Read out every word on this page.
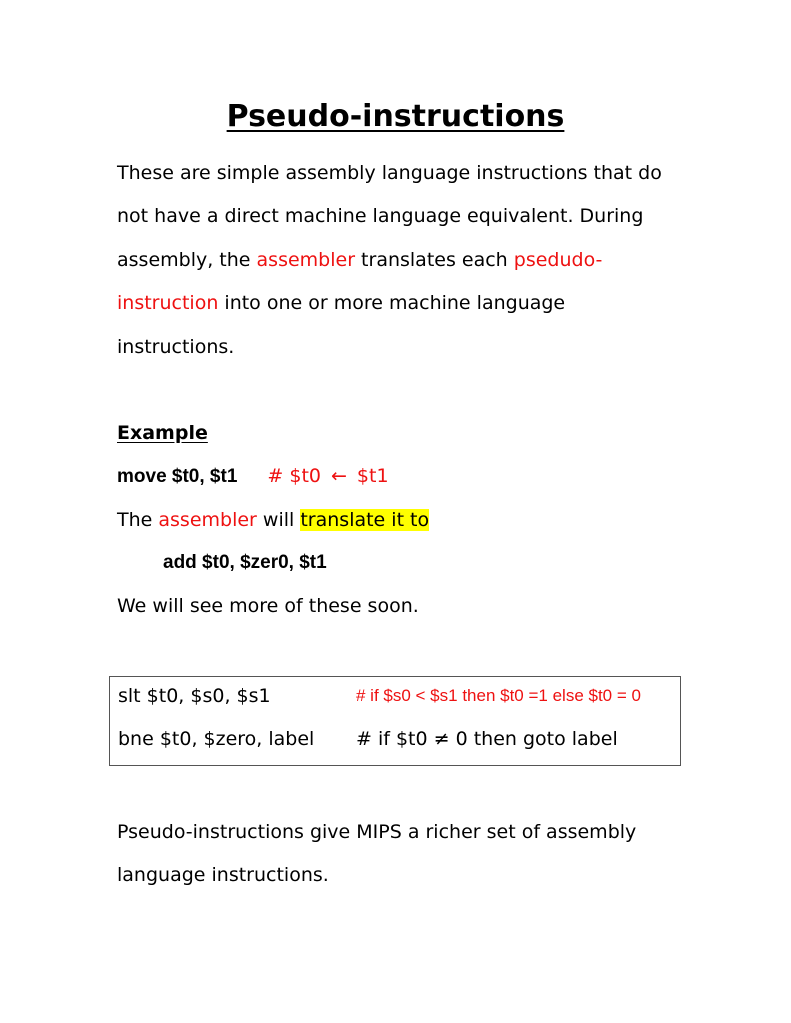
Pseudo-instructions
These are simple assembly language instructions that do
not have a direct machine language equivalent. During
assembly, the assembler translates each psedudo-
instruction into one or more machine language
instructions.
Example
move $t0, $t1 # $t0 ← $t1
The assembler will translate it to
add $t0, $zer0, $t1
We will see more of these soon.
slt $t0, $s0, $s1	# if $s0 < $s1 then $t0 =1 else $t0 = 0
bne $t0, $zero, label # if $t0 ≠ 0 then goto label
Pseudo-instructions give MIPS a richer set of assembly
language instructions.
